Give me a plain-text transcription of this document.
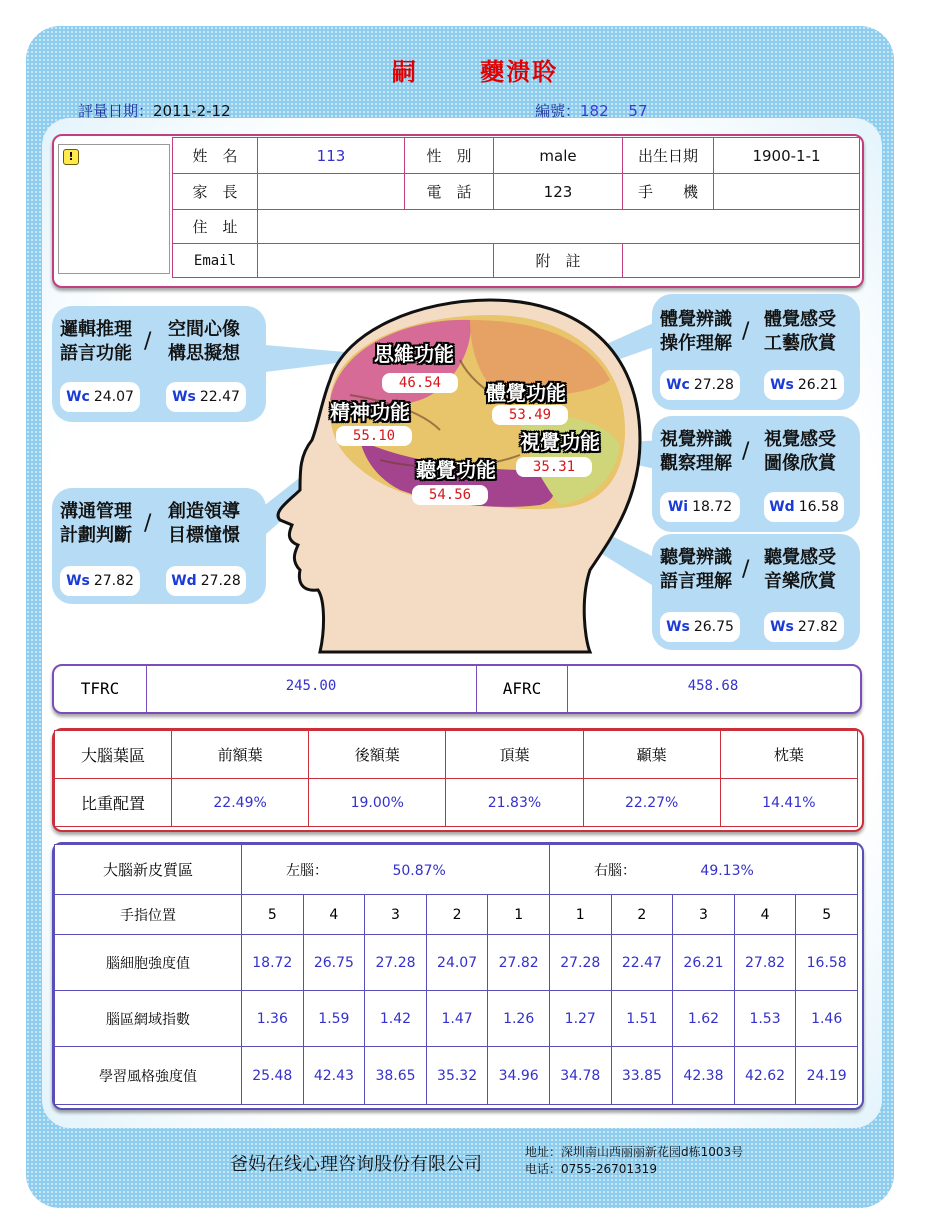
嗣　　 蘷溃聆
評量日期：2011-2-12	編號：182　 57
!	姓　名	113	性　別	male	出生日期	1900-1-1
家　長		電　話	123	手　　機	
住　址					
Email			附　註		
思維功能
46.54	體覺功能
53.49
精神功能
55.10	視覺功能
35.31
聽覺功能
54.56
邏輯推理
語言功能 / 空間心像
構思擬想
Wc 24.07	Ws 22.47
溝通管理
計劃判斷 / 創造領導
目標憧憬
Ws 27.82	Wd 27.28
體覺辨識
操作理解 / 體覺感受
工藝欣賞
Wc 27.28	Ws 26.21
視覺辨識
觀察理解 / 視覺感受
圖像欣賞
Wi 18.72	Wd 16.58
聽覺辨識
語言理解 / 聽覺感受
音樂欣賞
Ws 26.75	Ws 27.82
TFRC	245.00	AFRC	458.68
大腦葉區	前額葉	後額葉	頂葉	顳葉	枕葉
比重配置	22.49%	19.00%	21.83%	22.27%	14.41%
大腦新皮質區	左腦： 50.87%					右腦： 49.13%				
手指位置	5	4	3	2	1	1	2	3	4	5
腦細胞強度值	18.72	26.75	27.28	24.07	27.82	27.28	22.47	26.21	27.82	16.58
腦區網域指數	1.36	1.59	1.42	1.47	1.26	1.27	1.51	1.62	1.53	1.46
學習風格強度值	25.48	42.43	38.65	35.32	34.96	34.78	33.85	42.38	42.62	24.19
爸妈在线心理咨询股份有限公司
地址：深圳南山西丽丽新花园d栋1003号
电话：0755-26701319
